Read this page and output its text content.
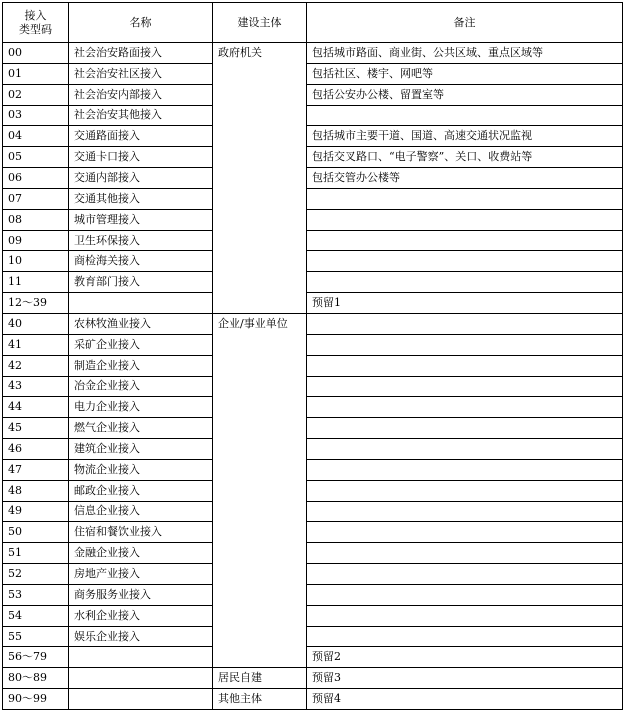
接入
类型码	名称	建设主体	备注
00	社会治安路面接入	政府机关	包括城市路面、商业街、公共区域、重点区域等
01	社会治安社区接入		包括社区、楼宇、网吧等
02	社会治安内部接入		包括公安办公楼、留置室等
03	社会治安其他接入		
04	交通路面接入		包括城市主要干道、国道、高速交通状况监视
05	交通卡口接入		包括交叉路口、“电子警察”、关口、收费站等
06	交通内部接入		包括交管办公楼等
07	交通其他接入		
08	城市管理接入		
09	卫生环保接入		
10	商检海关接入		
11	教育部门接入		
12～39			预留1
40	农林牧渔业接入	企业/事业单位	
41	采矿企业接入		
42	制造企业接入		
43	冶金企业接入		
44	电力企业接入		
45	燃气企业接入		
46	建筑企业接入		
47	物流企业接入		
48	邮政企业接入		
49	信息企业接入		
50	住宿和餐饮业接入		
51	金融企业接入		
52	房地产业接入		
53	商务服务业接入		
54	水利企业接入		
55	娱乐企业接入		
56～79			预留2
80～89		居民自建	预留3
90～99		其他主体	预留4
